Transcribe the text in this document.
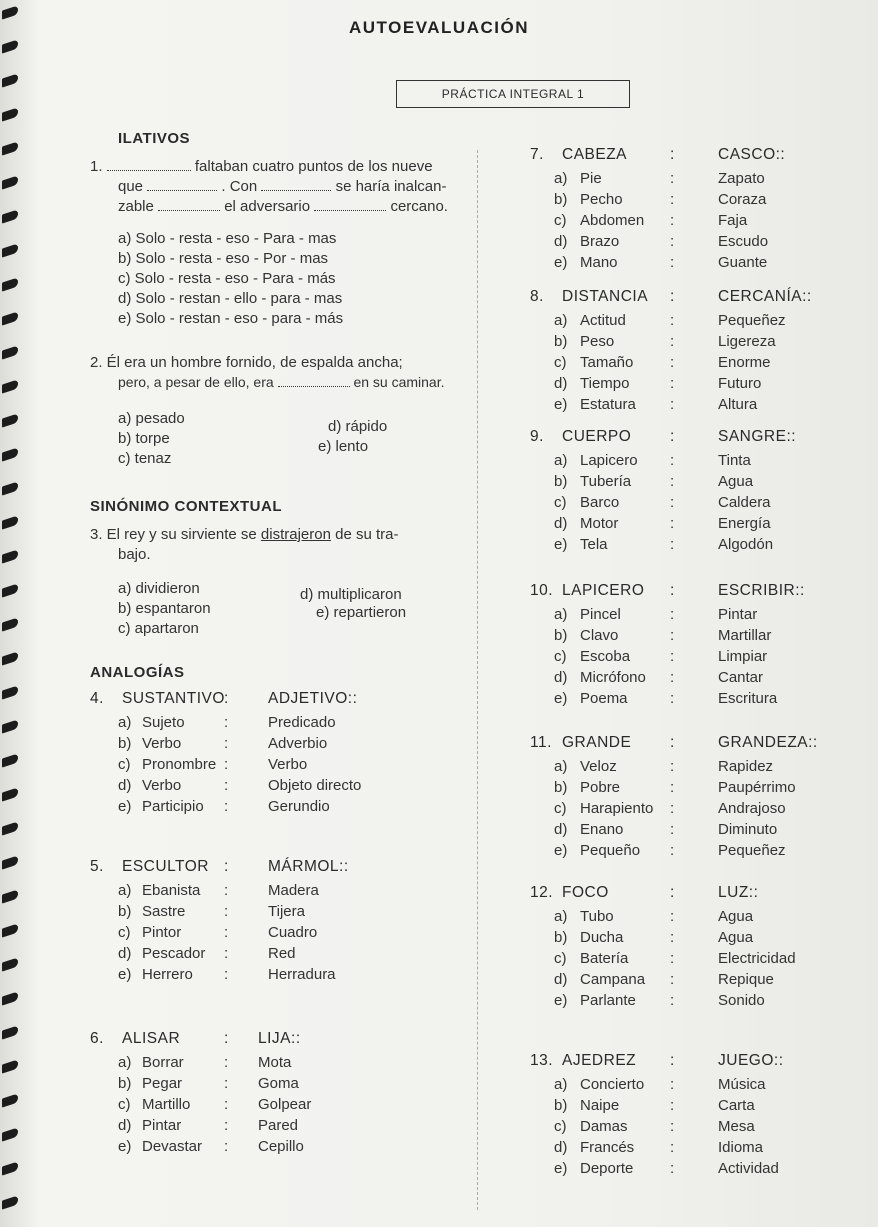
AUTOEVALUACIÓN
PRÁCTICA INTEGRAL 1
ILATIVOS
1.	faltaban cuatro puntos de los nueve
que	. Con	se haría inalcan-
zable	el adversario	cercano.
a) Solo - resta - eso - Para - mas
b) Solo - resta - eso - Por - mas
c) Solo - resta - eso - Para - más
d) Solo - restan - ello - para - mas
e) Solo - restan - eso - para - más
2. Él era un hombre fornido, de espalda ancha;
pero, a pesar de ello, era	en su caminar.
a) pesado
b) torpe
c) tenaz
d) rápido
e) lento
SINÓNIMO CONTEXTUAL
3. El rey y su sirviente se distrajeron de su tra-
bajo.
a) dividieron
b) espantaron
c) apartaron
d) multiplicaron
e) repartieron
ANALOGÍAS
4. SUSTANTIVO :	ADJETIVO::
a) Sujeto	:	Predicado
b) Verbo	:	Adverbio
c) Pronombre :	Verbo
d) Verbo	:	Objeto directo
e) Participio :	Gerundio
5. ESCULTOR :	MÁRMOL::
a) Ebanista :	Madera
b) Sastre	:	Tijera
c) Pintor	:	Cuadro
d) Pescador :	Red
e) Herrero :	Herradura
6. ALISAR	: LIJA::
a) Borrar	: Mota
b) Pegar	: Goma
c) Martillo : Golpear
d) Pintar	: Pared
e) Devastar : Cepillo
7. CABEZA	:	CASCO::
a) Pie	:	Zapato
b) Pecho	:	Coraza
c) Abdomen :	Faja
d) Brazo	:	Escudo
e) Mano	:	Guante
8. DISTANCIA :	CERCANÍA::
a) Actitud	:	Pequeñez
b) Peso	:	Ligereza
c) Tamaño :	Enorme
d) Tiempo	:	Futuro
e) Estatura :	Altura
9. CUERPO :	SANGRE::
a) Lapicero :	Tinta
b) Tubería	:	Agua
c) Barco	:	Caldera
d) Motor	:	Energía
e) Tela	:	Algodón
10. LAPICERO :	ESCRIBIR::
a) Pincel	:	Pintar
b) Clavo	:	Martillar
c) Escoba	:	Limpiar
d) Micrófono :	Cantar
e) Poema	:	Escritura
11. GRANDE :	GRANDEZA::
a) Veloz	:	Rapidez
b) Pobre	:	Paupérrimo
c) Harapiento :	Andrajoso
d) Enano	:	Diminuto
e) Pequeño :	Pequeñez
12. FOCO	:	LUZ::
a) Tubo	:	Agua
b) Ducha	:	Agua
c) Batería	:	Electricidad
d) Campana :	Repique
e) Parlante :	Sonido
13. AJEDREZ :	JUEGO::
a) Concierto :	Música
b) Naipe	:	Carta
c) Damas	:	Mesa
d) Francés :	Idioma
e) Deporte :	Actividad
